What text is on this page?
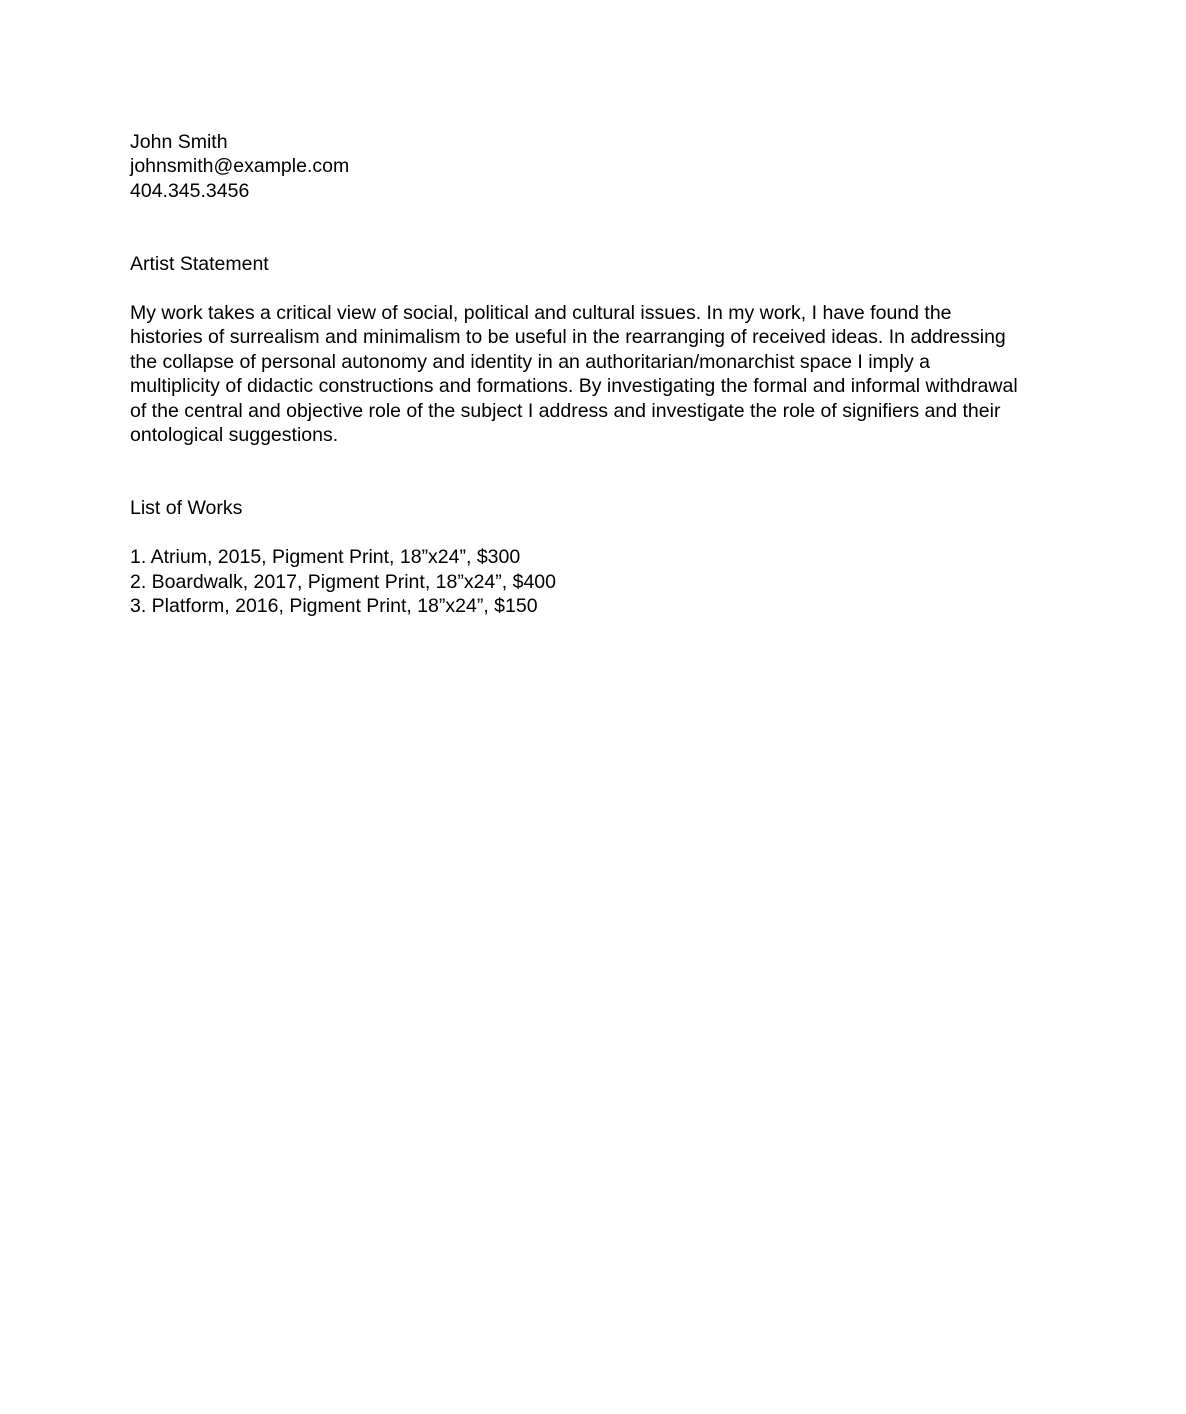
John Smith
johnsmith@example.com
404.345.3456
Artist Statement

My work takes a critical view of social, political and cultural issues. In my work, I have found the histories of surrealism and minimalism to be useful in the rearranging of received ideas. In addressing the collapse of personal autonomy and identity in an authoritarian/monarchist space I imply a multiplicity of didactic constructions and formations. By investigating the formal and informal withdrawal of the central and objective role of the subject I address and investigate the role of signifiers and their ontological suggestions.

List of Works
1. Atrium, 2015, Pigment Print, 18”x24”, $300
2. Boardwalk, 2017, Pigment Print, 18”x24”, $400
3. Platform, 2016, Pigment Print, 18”x24”, $150
